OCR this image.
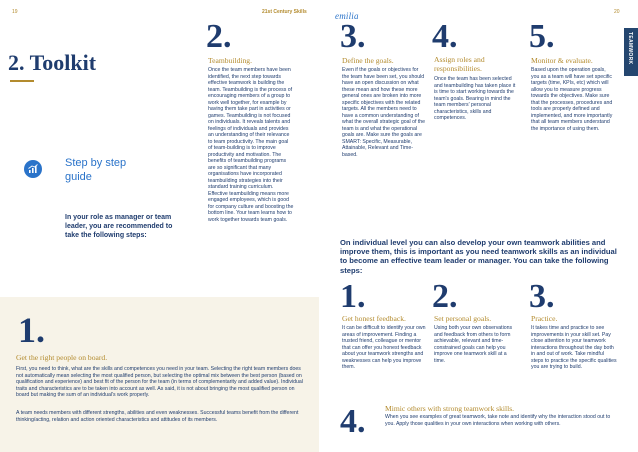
19	21st Century Skills	emilia	20
TEAMWORK
2. Toolkit
Step by step
guide
In your role as manager or team leader, you are recommended to take the following steps:
1.
Get the right people on board.
First, you need to think, what are the skills and competences you need in your team. Selecting the right team members does not automatically mean selecting the most qualified person, but selecting the optimal mix between the best person (based on qualification and experience) and best fit of the person for the team (in terms of complementarity and added value). Individual traits and characteristics are to be taken into account as well. As said, it is not about bringing the most qualified person on board but making the sum of an individual's work properly.
A team needs members with different strengths, abilities and even weaknesses. Successful teams benefit from the different thinking/acting, relation and action oriented characteristics and attitudes of its members.
2.
Teambuilding.
Once the team members have been identified, the next step towards effective teamwork is building the team. Teambuilding is the process of encouraging members of a group to work well together, for example by having them take part in activities or games. Teambuilding is not focused on individuals. It reveals talents and feelings of individuals and provides an understanding of their relevance to team productivity. The main goal of team-building is to improve productivity and motivation. The benefits of teambuilding programs are so significant that many organisations have incorporated teambuilding strategies into their standard training curriculum. Effective teambuilding means more engaged employees, which is good for company culture and boosting the bottom line. Your team learns how to work together towards team goals.
3.
Define the goals.
Even if the goals or objectives for the team have been set, you should have an open discussion on what these mean and how these more general ones are broken into more specific objectives with the related targets. All the members need to have a common understanding of what the overall strategic goal of the team is and what the operational goals are. Make sure the goals are SMART: Specific, Measurable, Attainable, Relevant and Time-based.
4.
Assign roles and
responsibilities.
Once the team has been selected and teambuilding has taken place it is time to start working towards the team's goals. Bearing in mind the team members' personal characteristics, skills and competences.
5.
Monitor & evaluate.
Based upon the operation goals, you as a team will have set specific targets (time, KPIs, etc) which will allow you to measure progress towards the objectives. Make sure that the processes, procedures and tools are properly defined and implemented, and more importantly that all team members understand the importance of using them.
On individual level you can also develop your own teamwork abilities and improve them, this is important as you need teamwork skills as an individual to become an effective team leader or manager. You can take the following steps:
1.
Get honest feedback.
It can be difficult to identify your own areas of improvement. Finding a trusted friend, colleague or mentor that can offer you honest feedback about your teamwork strengths and weaknesses can help you improve them.
2.
Set personal goals.
Using both your own observations and feedback from others to form achievable, relevant and time-constrained goals can help you improve one teamwork skill at a time.
3.
Practice.
It takes time and practice to see improvements in your skill set. Pay close attention to your teamwork interactions throughout the day both in and out of work. Take mindful steps to practice the specific qualities you are trying to build.
4.	Mimic others with strong teamwork skills.
When you see examples of great teamwork, take note and identify why the interaction stood out to you. Apply those qualities in your own interactions when working with others.
